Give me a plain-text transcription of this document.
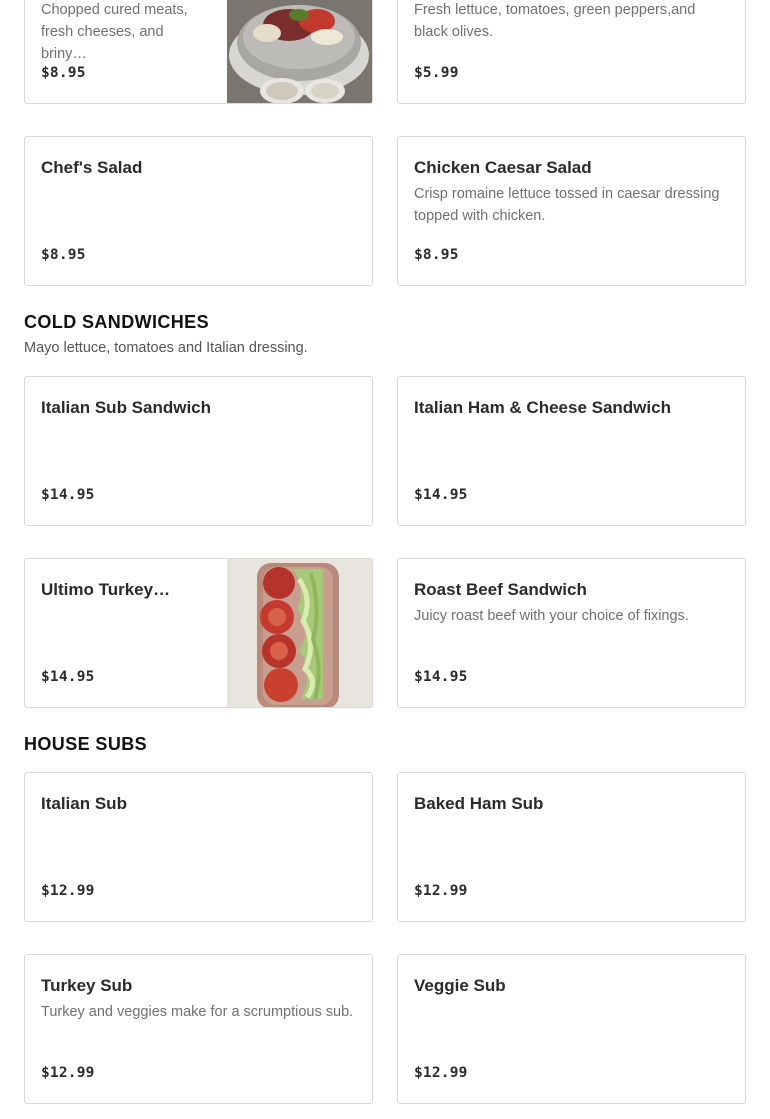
Chopped cured meats, fresh cheeses, and briny…
$8.95
Fresh lettuce, tomatoes, green peppers,and black olives.
$5.99
Chef's Salad
$8.95
Chicken Caesar Salad
Crisp romaine lettuce tossed in caesar dressing topped with chicken.
$8.95
COLD SANDWICHES
Mayo lettuce, tomatoes and Italian dressing.
Italian Sub Sandwich
$14.95
Italian Ham & Cheese Sandwich
$14.95
Ultimo Turkey…
$14.95
Roast Beef Sandwich
Juicy roast beef with your choice of fixings.
$14.95
HOUSE SUBS
Italian Sub
$12.99
Baked Ham Sub
$12.99
Turkey Sub
Turkey and veggies make for a scrumptious sub.
$12.99
Veggie Sub
$12.99
